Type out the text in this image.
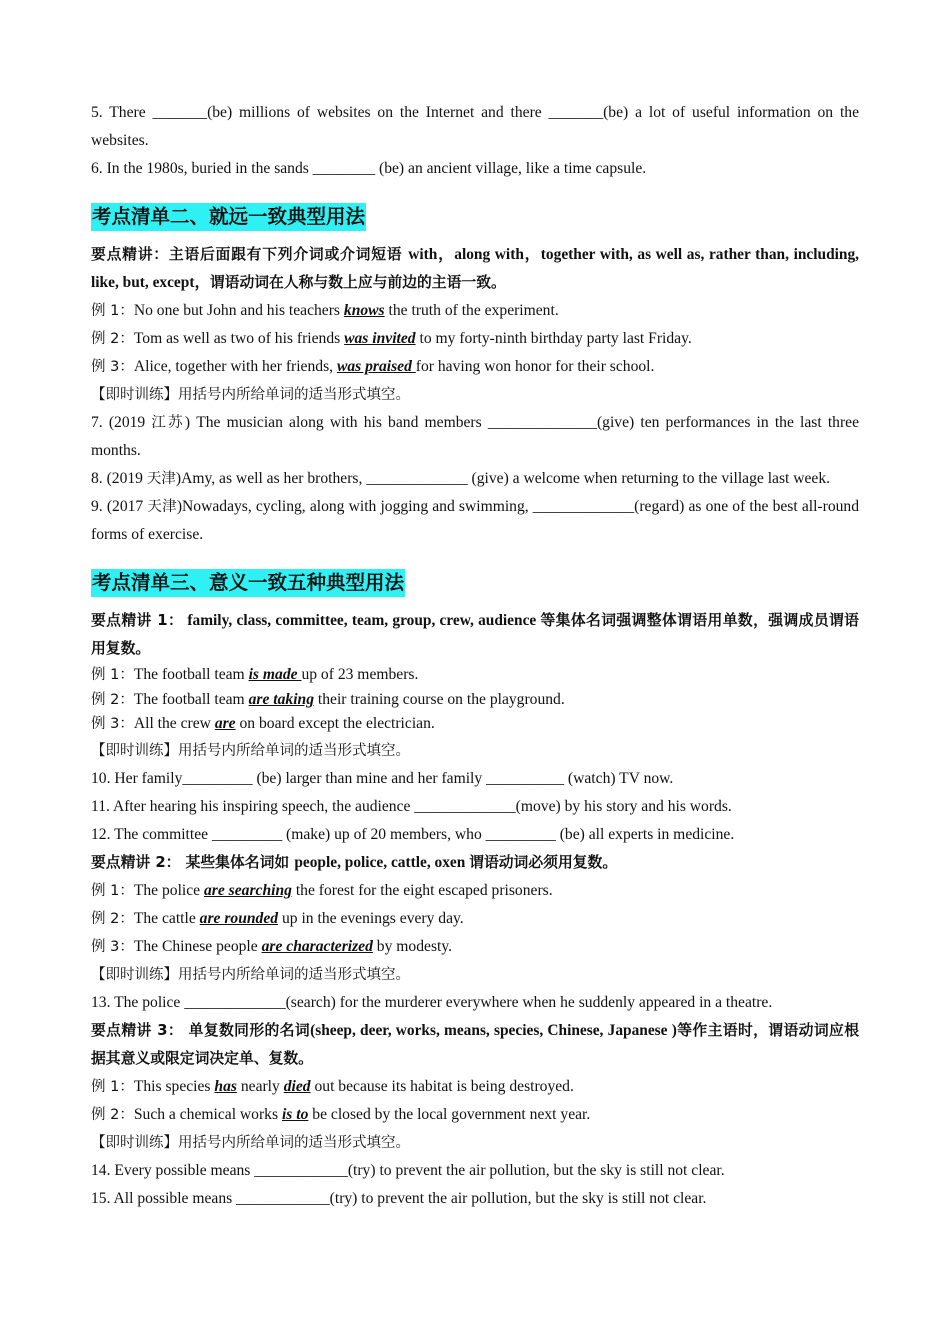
5. There _______(be) millions of websites on the Internet and there _______(be) a lot of useful information on the websites.

6. In the 1980s, buried in the sands ________ (be) an ancient village, like a time capsule.

考点清单二、就远一致典型用法

要点精讲：主语后面跟有下列介词或介词短语 with，along with，together with, as well as, rather than, including, like, but, except，谓语动词在人称与数上应与前边的主语一致。

例 1：No one but John and his teachers knows the truth of the experiment.

例 2：Tom as well as two of his friends was invited to my forty-ninth birthday party last Friday.

例 3：Alice, together with her friends, was praised for having won honor for their school.

【即时训练】用括号内所给单词的适当形式填空。

7. (2019 江苏) The musician along with his band members ______________(give) ten performances in the last three months.

8. (2019 天津)Amy, as well as her brothers, _____________ (give) a welcome when returning to the village last week.

9. (2017 天津)Nowadays, cycling, along with jogging and swimming, _____________(regard) as one of the best all-round forms of exercise.

考点清单三、意义一致五种典型用法

要点精讲 1： family, class, committee, team, group, crew, audience 等集体名词强调整体谓语用单数，强调成员谓语用复数。

例 1：The football team is made up of 23 members.

例 2：The football team are taking their training course on the playground.

例 3：All the crew are on board except the electrician.

【即时训练】用括号内所给单词的适当形式填空。

10. Her family_________ (be) larger than mine and her family __________ (watch) TV now.

11. After hearing his inspiring speech, the audience _____________(move) by his story and his words.

12. The committee _________ (make) up of 20 members, who _________ (be) all experts in medicine.

要点精讲 2： 某些集体名词如 people, police, cattle, oxen 谓语动词必须用复数。

例 1：The police are searching the forest for the eight escaped prisoners.

例 2：The cattle are rounded up in the evenings every day.

例 3：The Chinese people are characterized by modesty.

【即时训练】用括号内所给单词的适当形式填空。

13. The police _____________(search) for the murderer everywhere when he suddenly appeared in a theatre.

要点精讲 3： 单复数同形的名词(sheep, deer, works, means, species, Chinese, Japanese )等作主语时，谓语动词应根据其意义或限定词决定单、复数。

例 1：This species has nearly died out because its habitat is being destroyed.

例 2：Such a chemical works is to be closed by the local government next year.

【即时训练】用括号内所给单词的适当形式填空。

14. Every possible means ____________(try) to prevent the air pollution, but the sky is still not clear.

15. All possible means ____________(try) to prevent the air pollution, but the sky is still not clear.
